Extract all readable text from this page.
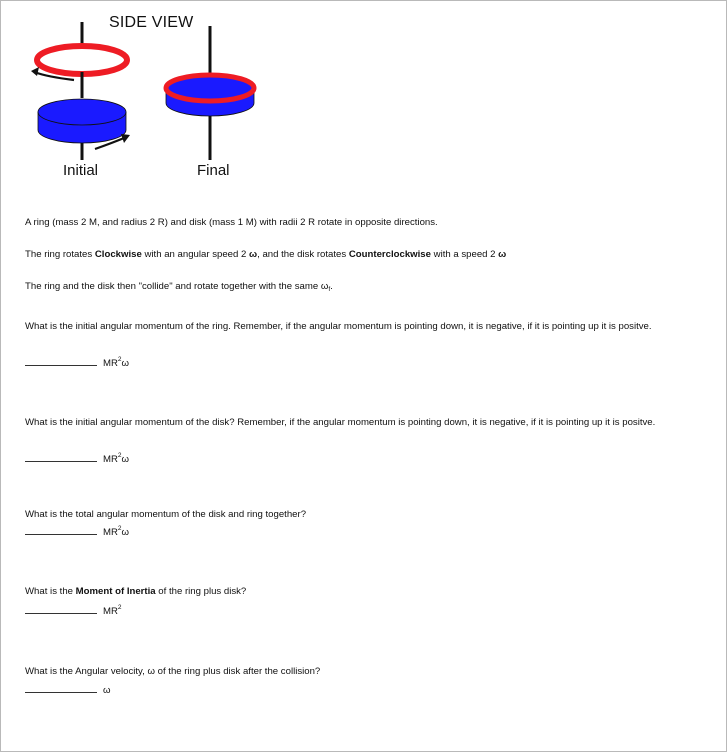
SIDE VIEW
Initial	Final
A ring (mass 2 M, and radius 2 R) and disk (mass 1 M) with radii 2 R rotate in opposite directions.
The ring rotates Clockwise with an angular speed 2 ω, and the disk rotates Counterclockwise with a speed 2 ω
The ring and the disk then "collide" and rotate together with the same $\omega_f$.
What is the initial angular momentum of the ring. Remember, if the angular momentum is pointing down, it is negative, if it is pointing up it is positve.
$MR^2\omega$
What is the initial angular momentum of the disk? Remember, if the angular momentum is pointing down, it is negative, if it is pointing up it is positve.
$MR^2\omega$
What is the total angular momentum of the disk and ring together?
$MR^2\omega$
What is the Moment of Inertia of the ring plus disk?
$MR^2$
What is the Angular velocity, ω of the ring plus disk after the collision?
ω
